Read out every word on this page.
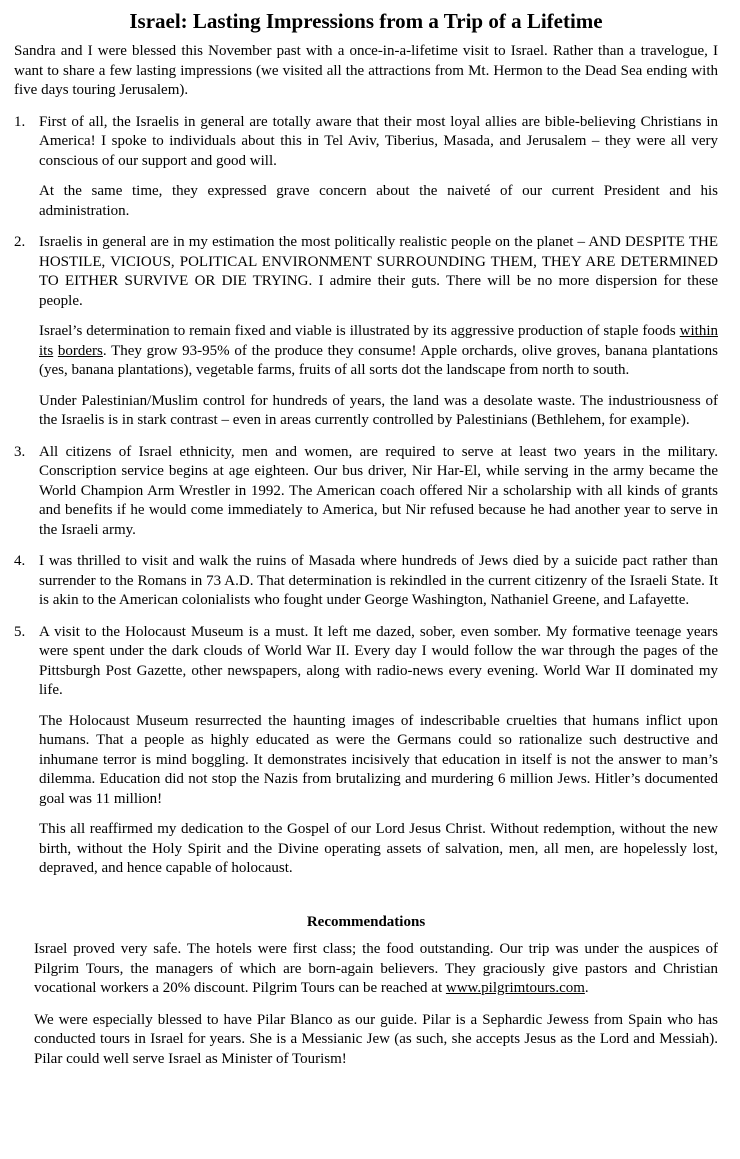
Israel: Lasting Impressions from a Trip of a Lifetime

Sandra and I were blessed this November past with a once-in-a-lifetime visit to Israel. Rather than a travelogue, I want to share a few lasting impressions (we visited all the attractions from Mt. Hermon to the Dead Sea ending with five days touring Jerusalem).

1. First of all, the Israelis in general are totally aware that their most loyal allies are bible-believing Christians in America! I spoke to individuals about this in Tel Aviv, Tiberius, Masada, and Jerusalem – they were all very conscious of our support and good will.

At the same time, they expressed grave concern about the naiveté of our current President and his administration.

2. Israelis in general are in my estimation the most politically realistic people on the planet – AND DESPITE THE HOSTILE, VICIOUS, POLITICAL ENVIRONMENT SURROUNDING THEM, THEY ARE DETERMINED TO EITHER SURVIVE OR DIE TRYING. I admire their guts. There will be no more dispersion for these people.

Israel’s determination to remain fixed and viable is illustrated by its aggressive production of staple foods within its borders. They grow 93-95% of the produce they consume! Apple orchards, olive groves, banana plantations (yes, banana plantations), vegetable farms, fruits of all sorts dot the landscape from north to south.

Under Palestinian/Muslim control for hundreds of years, the land was a desolate waste. The industriousness of the Israelis is in stark contrast – even in areas currently controlled by Palestinians (Bethlehem, for example).

3. All citizens of Israel ethnicity, men and women, are required to serve at least two years in the military. Conscription service begins at age eighteen. Our bus driver, Nir Har-El, while serving in the army became the World Champion Arm Wrestler in 1992. The American coach offered Nir a scholarship with all kinds of grants and benefits if he would come immediately to America, but Nir refused because he had another year to serve in the Israeli army.

4. I was thrilled to visit and walk the ruins of Masada where hundreds of Jews died by a suicide pact rather than surrender to the Romans in 73 A.D. That determination is rekindled in the current citizenry of the Israeli State. It is akin to the American colonialists who fought under George Washington, Nathaniel Greene, and Lafayette.

5. A visit to the Holocaust Museum is a must. It left me dazed, sober, even somber. My formative teenage years were spent under the dark clouds of World War II. Every day I would follow the war through the pages of the Pittsburgh Post Gazette, other newspapers, along with radio-news every evening. World War II dominated my life.

The Holocaust Museum resurrected the haunting images of indescribable cruelties that humans inflict upon humans. That a people as highly educated as were the Germans could so rationalize such destructive and inhumane terror is mind boggling. It demonstrates incisively that education in itself is not the answer to man’s dilemma. Education did not stop the Nazis from brutalizing and murdering 6 million Jews. Hitler’s documented goal was 11 million!

This all reaffirmed my dedication to the Gospel of our Lord Jesus Christ. Without redemption, without the new birth, without the Holy Spirit and the Divine operating assets of salvation, men, all men, are hopelessly lost, depraved, and hence capable of holocaust.

Recommendations

Israel proved very safe. The hotels were first class; the food outstanding. Our trip was under the auspices of Pilgrim Tours, the managers of which are born-again believers. They graciously give pastors and Christian vocational workers a 20% discount. Pilgrim Tours can be reached at www.pilgrimtours.com.

We were especially blessed to have Pilar Blanco as our guide. Pilar is a Sephardic Jewess from Spain who has conducted tours in Israel for years. She is a Messianic Jew (as such, she accepts Jesus as the Lord and Messiah). Pilar could well serve Israel as Minister of Tourism!
